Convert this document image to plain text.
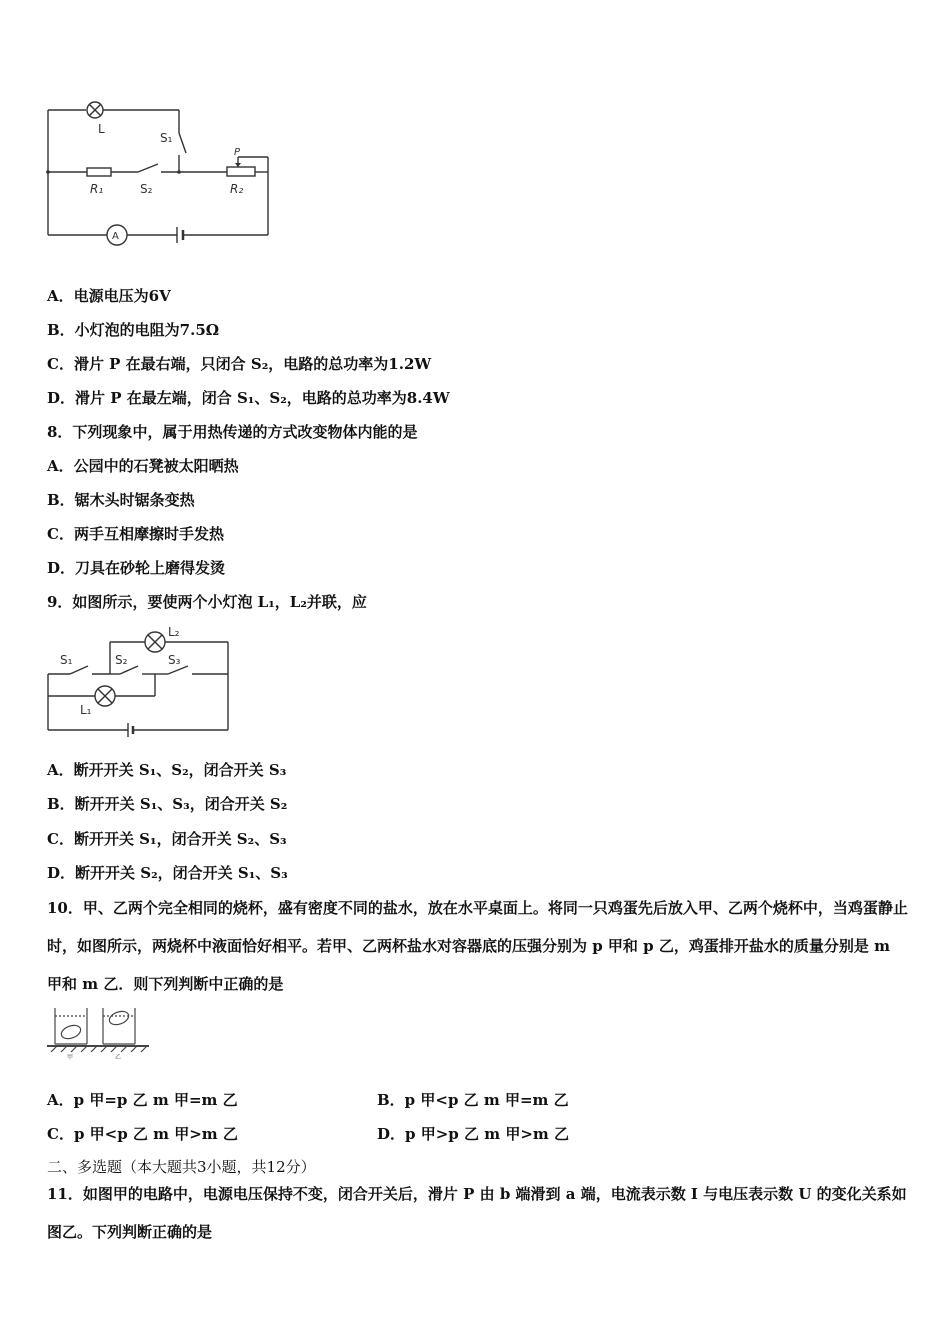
L
S₁
R₁	S₂	R₂
P
A
A．电源电压为6V
B．小灯泡的电阻为7.5Ω
C．滑片 P 在最右端，只闭合 S₂，电路的总功率为1.2W
D．滑片 P 在最左端，闭合 S₁、S₂，电路的总功率为8.4W
8．下列现象中，属于用热传递的方式改变物体内能的是
A．公园中的石凳被太阳晒热
B．锯木头时锯条变热
C．两手互相摩擦时手发热
D．刀具在砂轮上磨得发烫
9．如图所示，要使两个小灯泡 L₁，L₂并联，应
S₁	S₂	S₃
L₂
L₁
A．断开开关 S₁、S₂，闭合开关 S₃
B．断开开关 S₁、S₃，闭合开关 S₂
C．断开开关 S₁，闭合开关 S₂、S₃
D．断开开关 S₂，闭合开关 S₁、S₃
10．甲、乙两个完全相同的烧杯，盛有密度不同的盐水，放在水平桌面上。将同一只鸡蛋先后放入甲、乙两个烧杯中，当鸡蛋静止时，如图所示，两烧杯中液面恰好相平。若甲、乙两杯盐水对容器底的压强分别为 p 甲和 p 乙，鸡蛋排开盐水的质量分别是 m 甲和 m 乙．则下列判断中正确的是
甲	乙
A．p 甲=p 乙 m 甲=m 乙	B．p 甲<p 乙 m 甲=m 乙
C．p 甲<p 乙 m 甲>m 乙	D．p 甲>p 乙 m 甲>m 乙
二、多选题（本大题共3小题，共12分）
11．如图甲的电路中，电源电压保持不变，闭合开关后，滑片 P 由 b 端滑到 a 端，电流表示数 I 与电压表示数 U 的变化关系如图乙。下列判断正确的是
